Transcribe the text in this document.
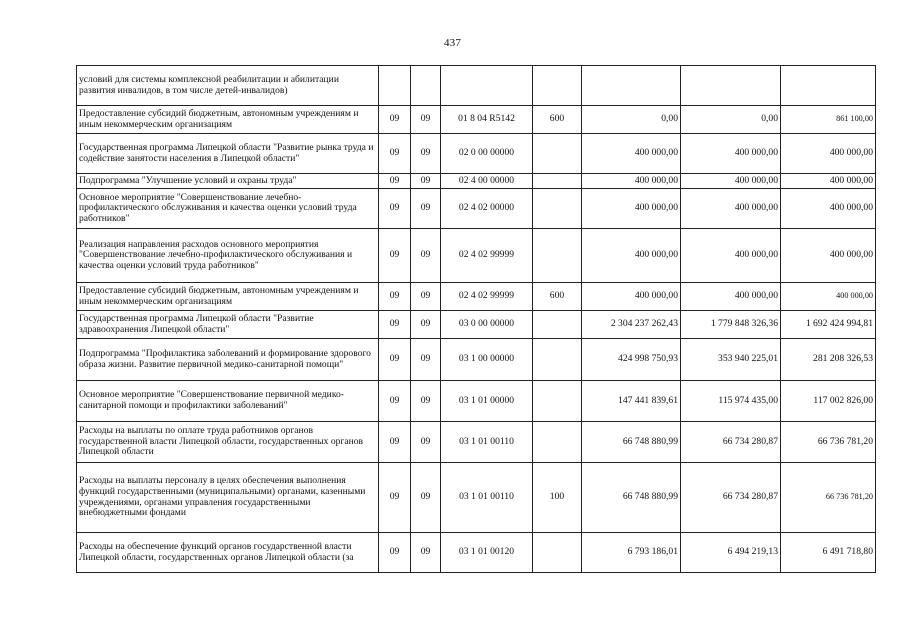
437
условий для системы комплексной реабилитации и абилитации развития инвалидов, в том числе детей-инвалидов)							
Предоставление субсидий бюджетным, автономным учреждениям и иным некоммерческим организациям	09	09	01 8 04 R5142	600	0,00	0,00	861 100,00
Государственная программа Липецкой области "Развитие рынка труда и содействие занятости населения в Липецкой области"	09	09	02 0 00 00000		400 000,00	400 000,00	400 000,00
Подпрограмма "Улучшение условий и охраны труда"	09	09	02 4 00 00000		400 000,00	400 000,00	400 000,00
Основное мероприятие "Совершенствование лечебно-профилактического обслуживания и качества оценки условий труда работников"	09	09	02 4 02 00000		400 000,00	400 000,00	400 000,00
Реализация направления расходов основного мероприятия "Совершенствование лечебно-профилактического обслуживания и качества оценки условий труда работников"	09	09	02 4 02 99999		400 000,00	400 000,00	400 000,00
Предоставление субсидий бюджетным, автономным учреждениям и иным некоммерческим организациям	09	09	02 4 02 99999	600	400 000,00	400 000,00	400 000,00
Государственная программа Липецкой области "Развитие здравоохранения Липецкой области"	09	09	03 0 00 00000		2 304 237 262,43	1 779 848 326,36	1 692 424 994,81
Подпрограмма "Профилактика заболеваний и формирование здорового образа жизни. Развитие первичной медико-санитарной помощи"	09	09	03 1 00 00000		424 998 750,93	353 940 225,01	281 208 326,53
Основное мероприятие "Совершенствование первичной медико-санитарной помощи и профилактики заболеваний"	09	09	03 1 01 00000		147 441 839,61	115 974 435,00	117 002 826,00
Расходы на выплаты по оплате труда работников органов государственной власти Липецкой области, государственных органов Липецкой области	09	09	03 1 01 00110		66 748 880,99	66 734 280,87	66 736 781,20
Расходы на выплаты персоналу в целях обеспечения выполнения функций государственными (муниципальными) органами, казенными учреждениями, органами управления государственными внебюджетными фондами	09	09	03 1 01 00110	100	66 748 880,99	66 734 280,87	66 736 781,20
Расходы на обеспечение функций органов государственной власти Липецкой области, государственных органов Липецкой области (за	09	09	03 1 01 00120		6 793 186,01	6 494 219,13	6 491 718,80
